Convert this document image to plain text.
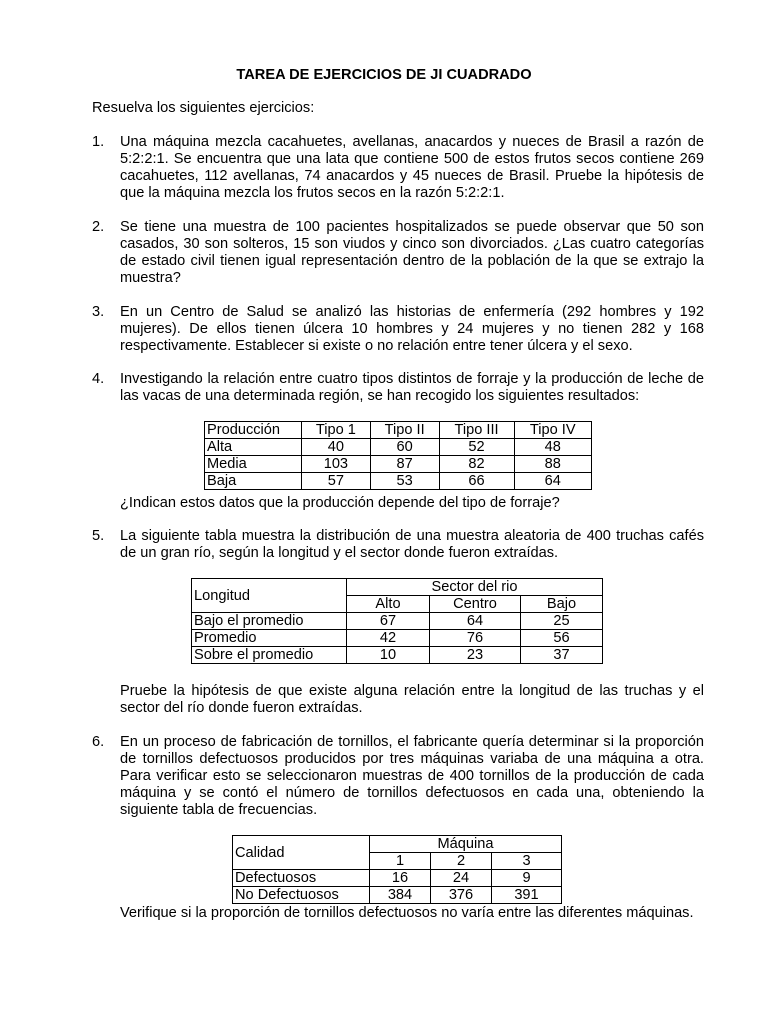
TAREA DE EJERCICIOS DE JI CUADRADO
Resuelva los siguientes ejercicios:
1. Una máquina mezcla cacahuetes, avellanas, anacardos y nueces de Brasil a razón de 5:2:2:1. Se encuentra que una lata que contiene 500 de estos frutos secos contiene 269 cacahuetes, 112 avellanas, 74 anacardos y 45 nueces de Brasil. Pruebe la hipótesis de que la máquina mezcla los frutos secos en la razón 5:2:2:1.
2. Se tiene una muestra de 100 pacientes hospitalizados se puede observar que 50 son casados, 30 son solteros, 15 son viudos y cinco son divorciados. ¿Las cuatro categorías de estado civil tienen igual representación dentro de la población de la que se extrajo la muestra?
3. En un Centro de Salud se analizó las historias de enfermería (292 hombres y 192 mujeres). De ellos tienen úlcera 10 hombres y 24 mujeres y no tienen 282 y 168 respectivamente. Establecer si existe o no relación entre tener úlcera y el sexo.
4. Investigando la relación entre cuatro tipos distintos de forraje y la producción de leche de las vacas de una determinada región, se han recogido los siguientes resultados:
Producción	Tipo 1	Tipo II	Tipo III	Tipo IV
Alta	40	60	52	48
Media	103	87	82	88
Baja	57	53	66	64
¿Indican estos datos que la producción depende del tipo de forraje?
5. La siguiente tabla muestra la distribución de una muestra aleatoria de 400 truchas cafés de un gran río, según la longitud y el sector donde fueron extraídas.
Longitud	Sector del rio		
	Alto	Centro	Bajo
Bajo el promedio	67	64	25
Promedio	42	76	56
Sobre el promedio	10	23	37
Pruebe la hipótesis de que existe alguna relación entre la longitud de las truchas y el sector del río donde fueron extraídas.
6. En un proceso de fabricación de tornillos, el fabricante quería determinar si la proporción de tornillos defectuosos producidos por tres máquinas variaba de una máquina a otra. Para verificar esto se seleccionaron muestras de 400 tornillos de la producción de cada máquina y se contó el número de tornillos defectuosos en cada una, obteniendo la siguiente tabla de frecuencias.
Calidad	Máquina		
	1	2	3
Defectuosos	16	24	9
No Defectuosos	384	376	391
Verifique si la proporción de tornillos defectuosos no varía entre las diferentes máquinas.
